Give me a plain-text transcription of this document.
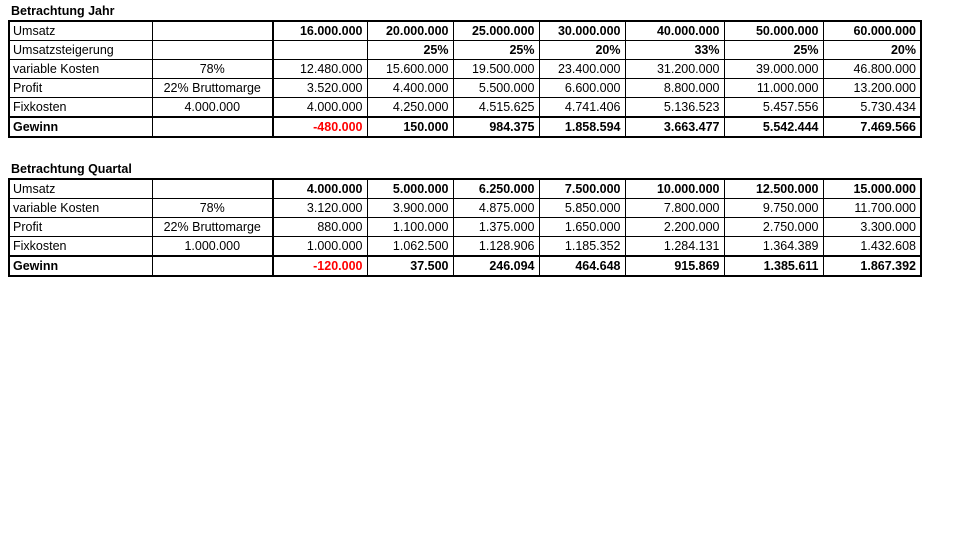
Betrachtung Jahr
Umsatz		16.000.000	20.000.000	25.000.000	30.000.000	40.000.000	50.000.000	60.000.000
Umsatzsteigerung			25%	25%	20%	33%	25%	20%
variable Kosten	78%	12.480.000	15.600.000	19.500.000	23.400.000	31.200.000	39.000.000	46.800.000
Profit	22% Bruttomarge	3.520.000	4.400.000	5.500.000	6.600.000	8.800.000	11.000.000	13.200.000
Fixkosten	4.000.000	4.000.000	4.250.000	4.515.625	4.741.406	5.136.523	5.457.556	5.730.434
Gewinn		-480.000	150.000	984.375	1.858.594	3.663.477	5.542.444	7.469.566
Betrachtung Quartal
Umsatz		4.000.000	5.000.000	6.250.000	7.500.000	10.000.000	12.500.000	15.000.000
variable Kosten	78%	3.120.000	3.900.000	4.875.000	5.850.000	7.800.000	9.750.000	11.700.000
Profit	22% Bruttomarge	880.000	1.100.000	1.375.000	1.650.000	2.200.000	2.750.000	3.300.000
Fixkosten	1.000.000	1.000.000	1.062.500	1.128.906	1.185.352	1.284.131	1.364.389	1.432.608
Gewinn		-120.000	37.500	246.094	464.648	915.869	1.385.611	1.867.392
